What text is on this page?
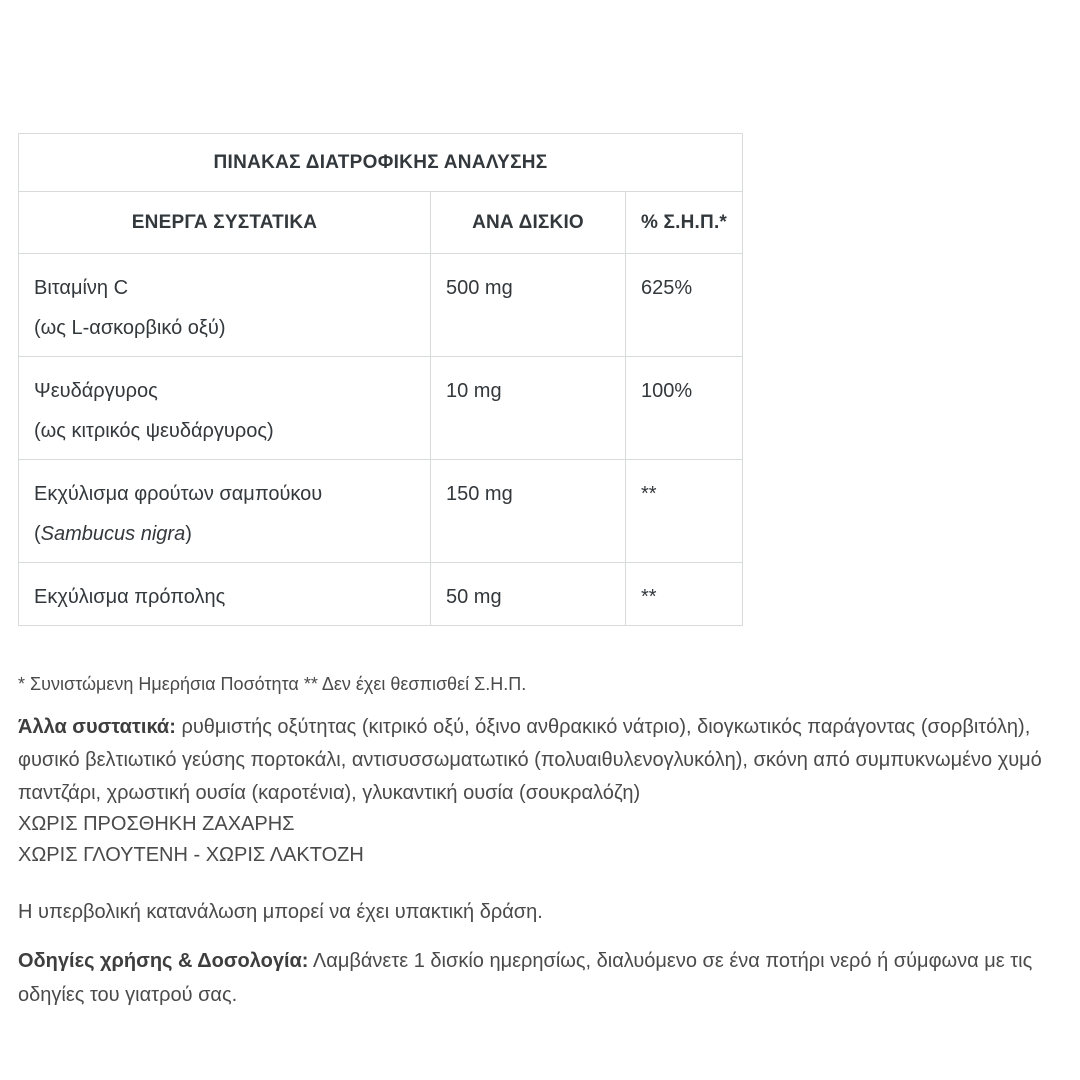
ΠΙΝΑΚΑΣ ΔΙΑΤΡΟΦΙΚΗΣ ΑΝΑΛΥΣΗΣ		
ΕΝΕΡΓΑ ΣΥΣΤΑΤΙΚΑ	ΑΝΑ ΔΙΣΚΙΟ	% Σ.Η.Π.*

Βιταμίνη C
(ως L-ασκορβικό οξύ)	500 mg	625%

Ψευδάργυρος
(ως κιτρικός ψευδάργυρος)	10 mg	100%

Εκχύλισμα φρούτων σαμπούκου
(Sambucus nigra)	150 mg	**

Εκχύλισμα πρόπολης	50 mg	**
* Συνιστώμενη Ημερήσια Ποσότητα ** Δεν έχει θεσπισθεί Σ.Η.Π.
Άλλα συστατικά: ρυθμιστής οξύτητας (κιτρικό οξύ, όξινο ανθρακικό νάτριο), διογκωτικός παράγοντας (σορβιτόλη), φυσικό βελτιωτικό γεύσης πορτοκάλι, αντισυσσωματωτικό (πολυαιθυλενογλυκόλη), σκόνη από συμπυκνωμένο χυμό παντζάρι, χρωστική ουσία (καροτένια), γλυκαντική ουσία (σουκραλόζη)
ΧΩΡΙΣ ΠΡΟΣΘΗΚΗ ΖΑΧΑΡΗΣ
ΧΩΡΙΣ ΓΛΟΥΤΕΝΗ - ΧΩΡΙΣ ΛΑΚΤΟΖΗ
Η υπερβολική κατανάλωση μπορεί να έχει υπακτική δράση.
Οδηγίες χρήσης & Δοσολογία: Λαμβάνετε 1 δισκίο ημερησίως, διαλυόμενο σε ένα ποτήρι νερό ή σύμφωνα με τις οδηγίες του γιατρού σας.
